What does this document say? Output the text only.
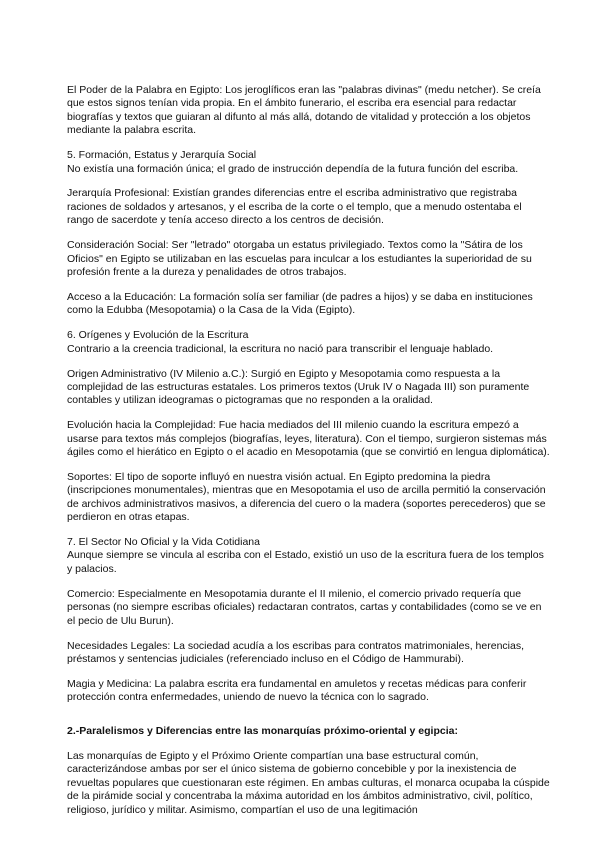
El Poder de la Palabra en Egipto: Los jeroglíficos eran las "palabras divinas" (medu netcher). Se creía que estos signos tenían vida propia. En el ámbito funerario, el escriba era esencial para redactar biografías y textos que guiaran al difunto al más allá, dotando de vitalidad y protección a los objetos mediante la palabra escrita.

5. Formación, Estatus y Jerarquía Social

No existía una formación única; el grado de instrucción dependía de la futura función del escriba.

Jerarquía Profesional: Existían grandes diferencias entre el escriba administrativo que registraba raciones de soldados y artesanos, y el escriba de la corte o el templo, que a menudo ostentaba el rango de sacerdote y tenía acceso directo a los centros de decisión.

Consideración Social: Ser "letrado" otorgaba un estatus privilegiado. Textos como la "Sátira de los Oficios" en Egipto se utilizaban en las escuelas para inculcar a los estudiantes la superioridad de su profesión frente a la dureza y penalidades de otros trabajos.

Acceso a la Educación: La formación solía ser familiar (de padres a hijos) y se daba en instituciones como la Edubba (Mesopotamia) o la Casa de la Vida (Egipto).

6. Orígenes y Evolución de la Escritura

Contrario a la creencia tradicional, la escritura no nació para transcribir el lenguaje hablado.

Origen Administrativo (IV Milenio a.C.): Surgió en Egipto y Mesopotamia como respuesta a la complejidad de las estructuras estatales. Los primeros textos (Uruk IV o Nagada III) son puramente contables y utilizan ideogramas o pictogramas que no responden a la oralidad.

Evolución hacia la Complejidad: Fue hacia mediados del III milenio cuando la escritura empezó a usarse para textos más complejos (biografías, leyes, literatura). Con el tiempo, surgieron sistemas más ágiles como el hierático en Egipto o el acadio en Mesopotamia (que se convirtió en lengua diplomática).

Soportes: El tipo de soporte influyó en nuestra visión actual. En Egipto predomina la piedra (inscripciones monumentales), mientras que en Mesopotamia el uso de arcilla permitió la conservación de archivos administrativos masivos, a diferencia del cuero o la madera (soportes perecederos) que se perdieron en otras etapas.

7. El Sector No Oficial y la Vida Cotidiana

Aunque siempre se vincula al escriba con el Estado, existió un uso de la escritura fuera de los templos y palacios.

Comercio: Especialmente en Mesopotamia durante el II milenio, el comercio privado requería que personas (no siempre escribas oficiales) redactaran contratos, cartas y contabilidades (como se ve en el pecio de Ulu Burun).

Necesidades Legales: La sociedad acudía a los escribas para contratos matrimoniales, herencias, préstamos y sentencias judiciales (referenciado incluso en el Código de Hammurabi).

Magia y Medicina: La palabra escrita era fundamental en amuletos y recetas médicas para conferir protección contra enfermedades, uniendo de nuevo la técnica con lo sagrado.

2.-Paralelismos y Diferencias entre las monarquías próximo-oriental y egipcia:

Las monarquías de Egipto y el Próximo Oriente compartían una base estructural común, caracterizándose ambas por ser el único sistema de gobierno concebible y por la inexistencia de revueltas populares que cuestionaran este régimen. En ambas culturas, el monarca ocupaba la cúspide de la pirámide social y concentraba la máxima autoridad en los ámbitos administrativo, civil, político, religioso, jurídico y militar. Asimismo, compartían el uso de una legitimación
